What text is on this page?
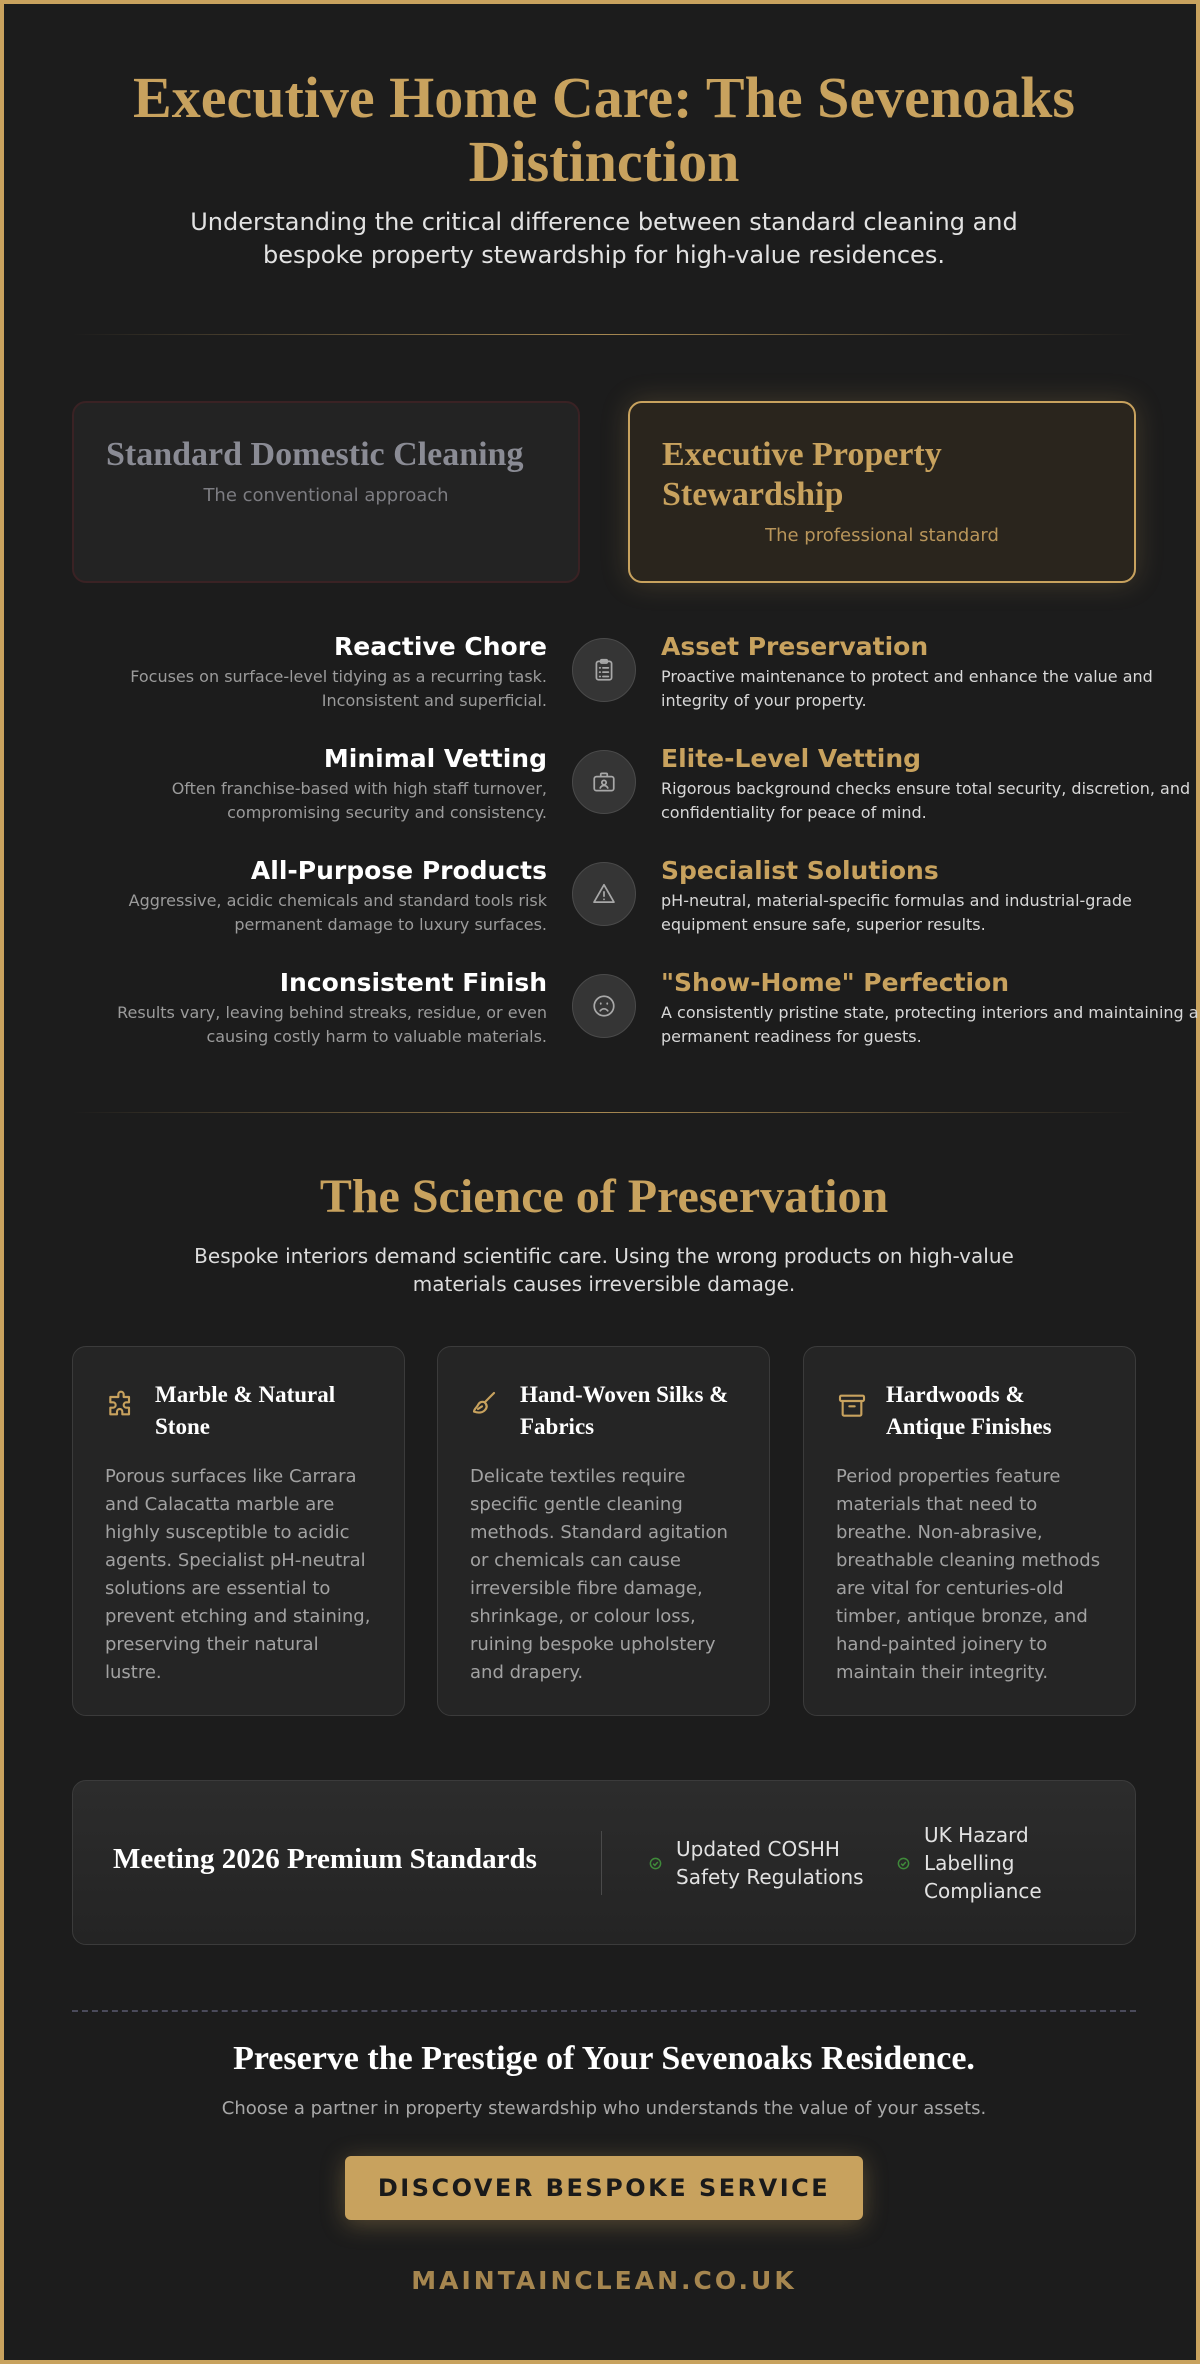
Executive Home Care: The Sevenoaks Distinction

Understanding the critical difference between standard cleaning and bespoke property stewardship for high-value residences.

Standard Domestic Cleaning
The conventional approach
Executive Property Stewardship
The professional standard
Reactive Chore
Focuses on surface-level tidying as a recurring task. Inconsistent and superficial.
Asset Preservation
Proactive maintenance to protect and enhance the value and integrity of your property.
Minimal Vetting
Often franchise-based with high staff turnover, compromising security and consistency.
Elite-Level Vetting
Rigorous background checks ensure total security, discretion, and confidentiality for peace of mind.
All-Purpose Products
Aggressive, acidic chemicals and standard tools risk permanent damage to luxury surfaces.
Specialist Solutions
pH-neutral, material-specific formulas and industrial-grade equipment ensure safe, superior results.
Inconsistent Finish
Results vary, leaving behind streaks, residue, or even causing costly harm to valuable materials.
"Show-Home" Perfection
A consistently pristine state, protecting interiors and maintaining a permanent readiness for guests.
The Science of Preservation

Bespoke interiors demand scientific care. Using the wrong products on high-value materials causes irreversible damage.

Marble & Natural Stone
Porous surfaces like Carrara and Calacatta marble are highly susceptible to acidic agents. Specialist pH-neutral solutions are essential to prevent etching and staining, preserving their natural lustre.
Hand-Woven Silks & Fabrics
Delicate textiles require specific gentle cleaning methods. Standard agitation or chemicals can cause irreversible fibre damage, shrinkage, or colour loss, ruining bespoke upholstery and drapery.
Hardwoods & Antique Finishes
Period properties feature materials that need to breathe. Non-abrasive, breathable cleaning methods are vital for centuries-old timber, antique bronze, and hand-painted joinery to maintain their integrity.
Meeting 2026 Premium Standards	Updated COSHH Safety Regulations
UK Hazard Labelling Compliance
Preserve the Prestige of Your Sevenoaks Residence.

Choose a partner in property stewardship who understands the value of your assets.

DISCOVER BESPOKE SERVICE
MAINTAINCLEAN.CO.UK
